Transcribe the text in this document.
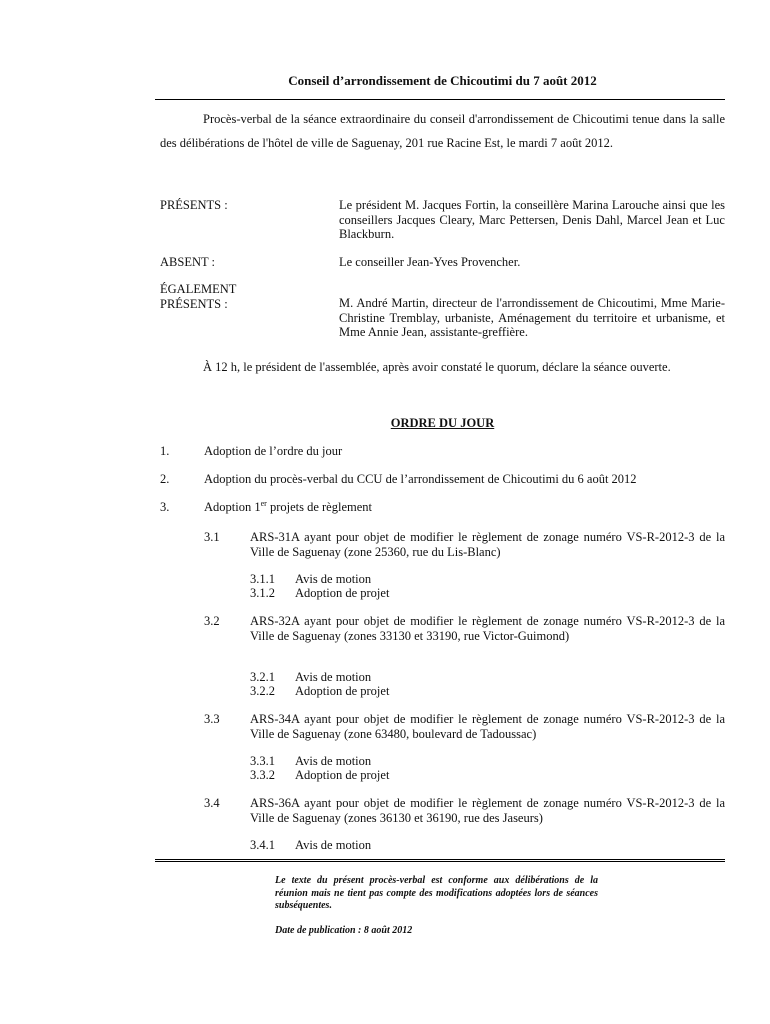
Conseil d’arrondissement de Chicoutimi du 7 août 2012
Procès-verbal de la séance extraordinaire du conseil d'arrondissement de Chicoutimi tenue dans la salle des délibérations de l'hôtel de ville de Saguenay, 201 rue Racine Est, le mardi 7 août 2012.
PRÉSENTS :	Le président M. Jacques Fortin, la conseillère Marina Larouche ainsi que les conseillers Jacques Cleary, Marc Pettersen, Denis Dahl, Marcel Jean et Luc Blackburn.
ABSENT :	Le conseiller Jean-Yves Provencher.
ÉGALEMENT
PRÉSENTS :	M. André Martin, directeur de l'arrondissement de Chicoutimi, Mme Marie-Christine Tremblay, urbaniste, Aménagement du territoire et urbanisme, et Mme Annie Jean, assistante-greffière.
À 12 h, le président de l'assemblée, après avoir constaté le quorum, déclare la séance ouverte.
ORDRE DU JOUR
1.	Adoption de l’ordre du jour
2.	Adoption du procès-verbal du CCU de l’arrondissement de Chicoutimi du 6 août 2012
3.	Adoption 1er projets de règlement
3.1 ARS-31A ayant pour objet de modifier le règlement de zonage numéro VS-R-2012-3 de la Ville de Saguenay (zone 25360, rue du Lis-Blanc)
3.1.1 Avis de motion
3.1.2 Adoption de projet
3.2 ARS-32A ayant pour objet de modifier le règlement de zonage numéro VS-R-2012-3 de la Ville de Saguenay (zones 33130 et 33190, rue Victor-Guimond)
3.2.1 Avis de motion
3.2.2 Adoption de projet
3.3 ARS-34A ayant pour objet de modifier le règlement de zonage numéro VS-R-2012-3 de la Ville de Saguenay (zone 63480, boulevard de Tadoussac)
3.3.1 Avis de motion
3.3.2 Adoption de projet
3.4 ARS-36A ayant pour objet de modifier le règlement de zonage numéro VS-R-2012-3 de la Ville de Saguenay (zones 36130 et 36190, rue des Jaseurs)
3.4.1 Avis de motion
Le texte du présent procès-verbal est conforme aux délibérations de la réunion mais ne tient pas compte des modifications adoptées lors de séances subséquentes.
Date de publication : 8 août 2012
